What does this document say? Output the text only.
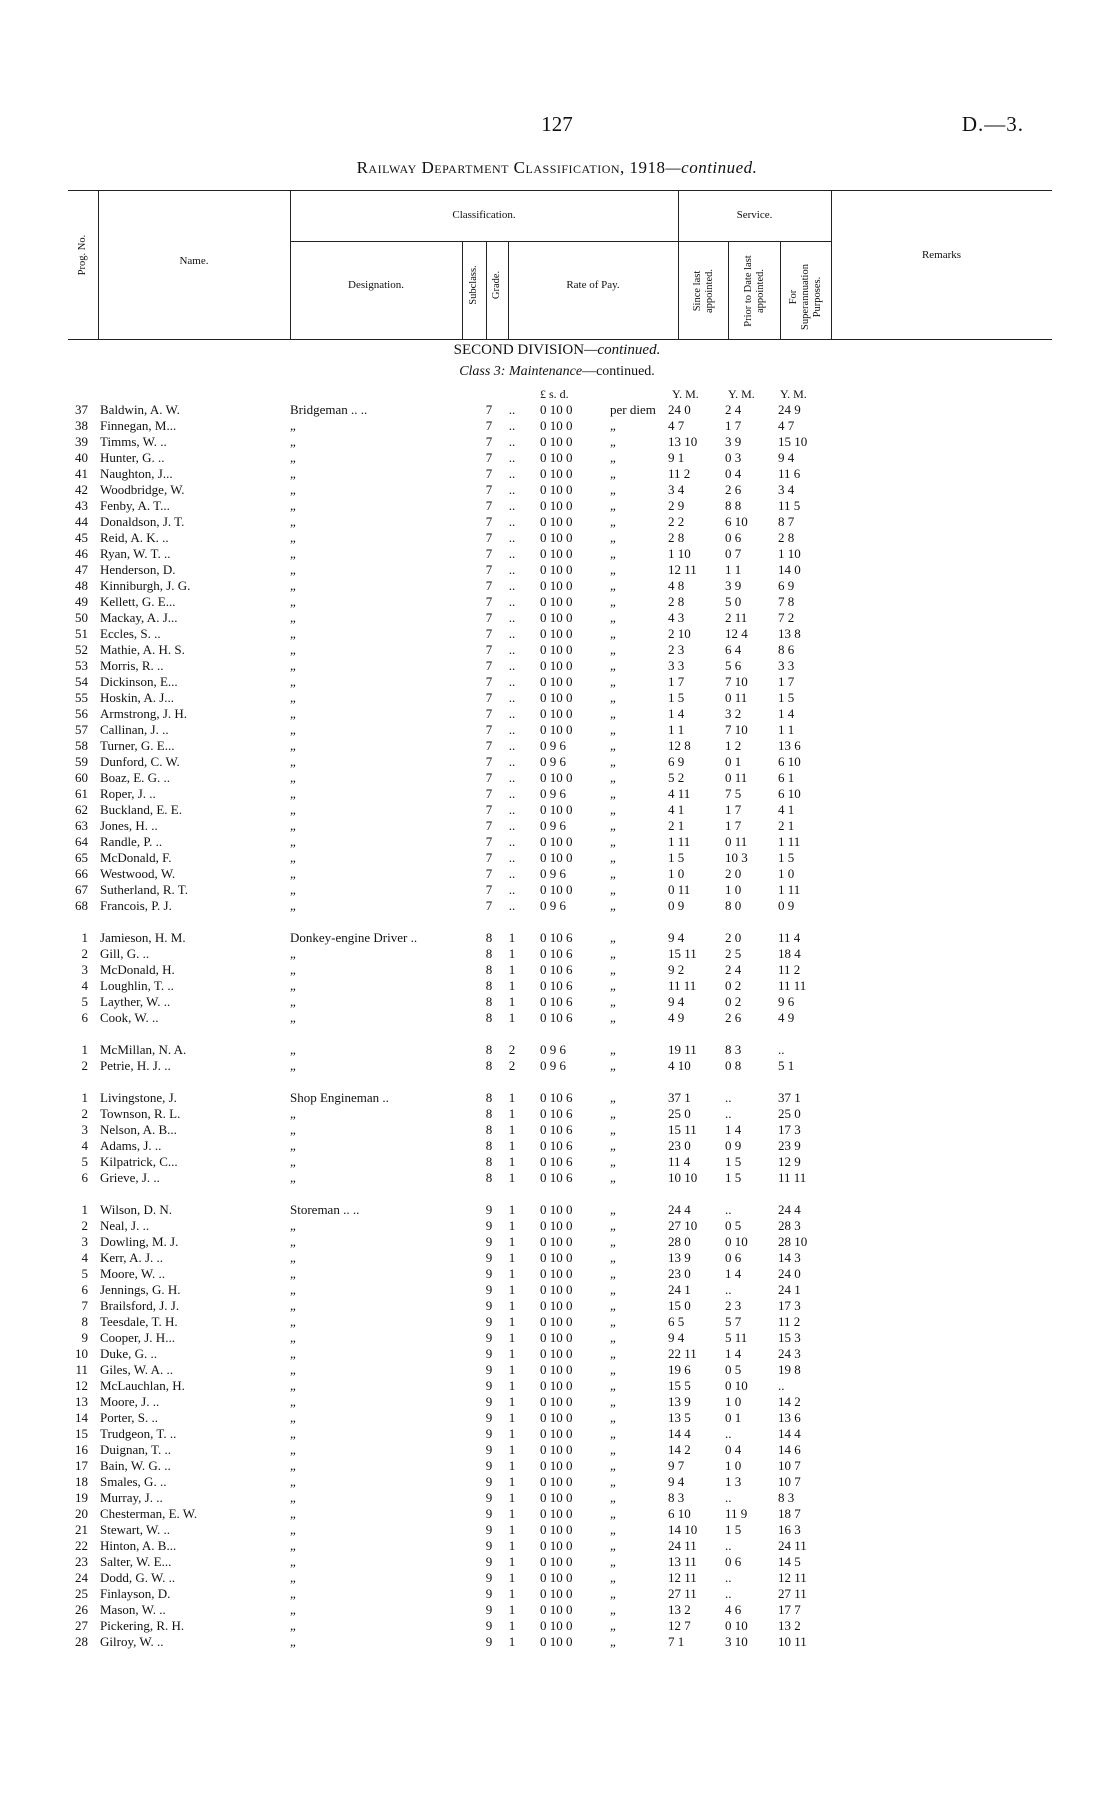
127	D.—3.
Railway Department Classification, 1918—continued.
Prog. No.	Name.
Classification.
Designation.	Subclass. Grade.	Rate of Pay.
Service.
Since last appointed.	Prior to Date last appointed. For Superannuation Purposes.
Remarks
SECOND DIVISION—continued.
Class 3: Maintenance—continued.
£ s. d.	Y. M. Y. M. Y. M.
37 Baldwin, A. W.	Bridgeman .. ..	7 .. 0 10 0	per diem 24 0	2 4	24 9
38 Finnegan, M...	„	7 .. 0 10 0	„	4 7	1 7	4 7
39 Timms, W. ..	„	7 .. 0 10 0	„	13 10	3 9	15 10
40 Hunter, G. ..	„	7 .. 0 10 0	„	9 1	0 3	9 4
41 Naughton, J...	„	7 .. 0 10 0	„	11 2	0 4	11 6
42 Woodbridge, W.	„	7 .. 0 10 0	„	3 4	2 6	3 4
43 Fenby, A. T...	„	7 .. 0 10 0	„	2 9	8 8	11 5
44 Donaldson, J. T.	„	7 .. 0 10 0	„	2 2	6 10	8 7
45 Reid, A. K. ..	„	7 .. 0 10 0	„	2 8	0 6	2 8
46 Ryan, W. T. ..	„	7 .. 0 10 0	„	1 10	0 7	1 10
47 Henderson, D.	„	7 .. 0 10 0	„	12 11	1 1	14 0
48 Kinniburgh, J. G.	„	7 .. 0 10 0	„	4 8	3 9	6 9
49 Kellett, G. E...	„	7 .. 0 10 0	„	2 8	5 0	7 8
50 Mackay, A. J...	„	7 .. 0 10 0	„	4 3	2 11	7 2
51 Eccles, S. ..	„	7 .. 0 10 0	„	2 10	12 4	13 8
52 Mathie, A. H. S.	„	7 .. 0 10 0	„	2 3	6 4	8 6
53 Morris, R. ..	„	7 .. 0 10 0	„	3 3	5 6	3 3
54 Dickinson, E...	„	7 .. 0 10 0	„	1 7	7 10	1 7
55 Hoskin, A. J...	„	7 .. 0 10 0	„	1 5	0 11	1 5
56 Armstrong, J. H.	„	7 .. 0 10 0	„	1 4	3 2	1 4
57 Callinan, J. ..	„	7 .. 0 10 0	„	1 1	7 10	1 1
58 Turner, G. E...	„	7 .. 0 9 6	„	12 8	1 2	13 6
59 Dunford, C. W.	„	7 .. 0 9 6	„	6 9	0 1	6 10
60 Boaz, E. G. ..	„	7 .. 0 10 0	„	5 2	0 11	6 1
61 Roper, J. ..	„	7 .. 0 9 6	„	4 11	7 5	6 10
62 Buckland, E. E.	„	7 .. 0 10 0	„	4 1	1 7	4 1
63 Jones, H. ..	„	7 .. 0 9 6	„	2 1	1 7	2 1
64 Randle, P. ..	„	7 .. 0 10 0	„	1 11	0 11	1 11
65 McDonald, F.	„	7 .. 0 10 0	„	1 5	10 3	1 5
66 Westwood, W.	„	7 .. 0 9 6	„	1 0	2 0	1 0
67 Sutherland, R. T.	„	7 .. 0 10 0	„	0 11	1 0	1 11
68 Francois, P. J.	„	7 .. 0 9 6	„	0 9	8 0	0 9
1 Jamieson, H. M.	Donkey-engine Driver ..	8 1 0 10 6	„	9 4	2 0	11 4
2 Gill, G. ..	„	8 1 0 10 6	„	15 11	2 5	18 4
3 McDonald, H.	„	8 1 0 10 6	„	9 2	2 4	11 2
4 Loughlin, T. ..	„	8 1 0 10 6	„	11 11	0 2	11 11
5 Layther, W. ..	„	8 1 0 10 6	„	9 4	0 2	9 6
6 Cook, W. ..	„	8 1 0 10 6	„	4 9	2 6	4 9
1 McMillan, N. A.	„	8 2 0 9 6	„	19 11	8 3	..
2 Petrie, H. J. ..	„	8 2 0 9 6	„	4 10	0 8	5 1
1 Livingstone, J.	Shop Engineman ..	8 1 0 10 6	„	37 1	..	37 1
2 Townson, R. L.	„	8 1 0 10 6	„	25 0	..	25 0
3 Nelson, A. B...	„	8 1 0 10 6	„	15 11	1 4	17 3
4 Adams, J. ..	„	8 1 0 10 6	„	23 0	0 9	23 9
5 Kilpatrick, C...	„	8 1 0 10 6	„	11 4	1 5	12 9
6 Grieve, J. ..	„	8 1 0 10 6	„	10 10	1 5	11 11
1 Wilson, D. N.	Storeman .. ..	9 1 0 10 0	„	24 4	..	24 4
2 Neal, J. ..	„	9 1 0 10 0	„	27 10	0 5	28 3
3 Dowling, M. J.	„	9 1 0 10 0	„	28 0	0 10	28 10
4 Kerr, A. J. ..	„	9 1 0 10 0	„	13 9	0 6	14 3
5 Moore, W. ..	„	9 1 0 10 0	„	23 0	1 4	24 0
6 Jennings, G. H.	„	9 1 0 10 0	„	24 1	..	24 1
7 Brailsford, J. J.	„	9 1 0 10 0	„	15 0	2 3	17 3
8 Teesdale, T. H.	„	9 1 0 10 0	„	6 5	5 7	11 2
9 Cooper, J. H...	„	9 1 0 10 0	„	9 4	5 11	15 3
10 Duke, G. ..	„	9 1 0 10 0	„	22 11	1 4	24 3
11 Giles, W. A. ..	„	9 1 0 10 0	„	19 6	0 5	19 8
12 McLauchlan, H.	„	9 1 0 10 0	„	15 5	0 10	..
13 Moore, J. ..	„	9 1 0 10 0	„	13 9	1 0	14 2
14 Porter, S. ..	„	9 1 0 10 0	„	13 5	0 1	13 6
15 Trudgeon, T. ..	„	9 1 0 10 0	„	14 4	..	14 4
16 Duignan, T. ..	„	9 1 0 10 0	„	14 2	0 4	14 6
17 Bain, W. G. ..	„	9 1 0 10 0	„	9 7	1 0	10 7
18 Smales, G. ..	„	9 1 0 10 0	„	9 4	1 3	10 7
19 Murray, J. ..	„	9 1 0 10 0	„	8 3	..	8 3
20 Chesterman, E. W.	„	9 1 0 10 0	„	6 10	11 9	18 7
21 Stewart, W. ..	„	9 1 0 10 0	„	14 10	1 5	16 3
22 Hinton, A. B...	„	9 1 0 10 0	„	24 11	..	24 11
23 Salter, W. E...	„	9 1 0 10 0	„	13 11	0 6	14 5
24 Dodd, G. W. ..	„	9 1 0 10 0	„	12 11	..	12 11
25 Finlayson, D.	„	9 1 0 10 0	„	27 11	..	27 11
26 Mason, W. ..	„	9 1 0 10 0	„	13 2	4 6	17 7
27 Pickering, R. H.	„	9 1 0 10 0	„	12 7	0 10	13 2
28 Gilroy, W. ..	„	9 1 0 10 0	„	7 1	3 10	10 11
